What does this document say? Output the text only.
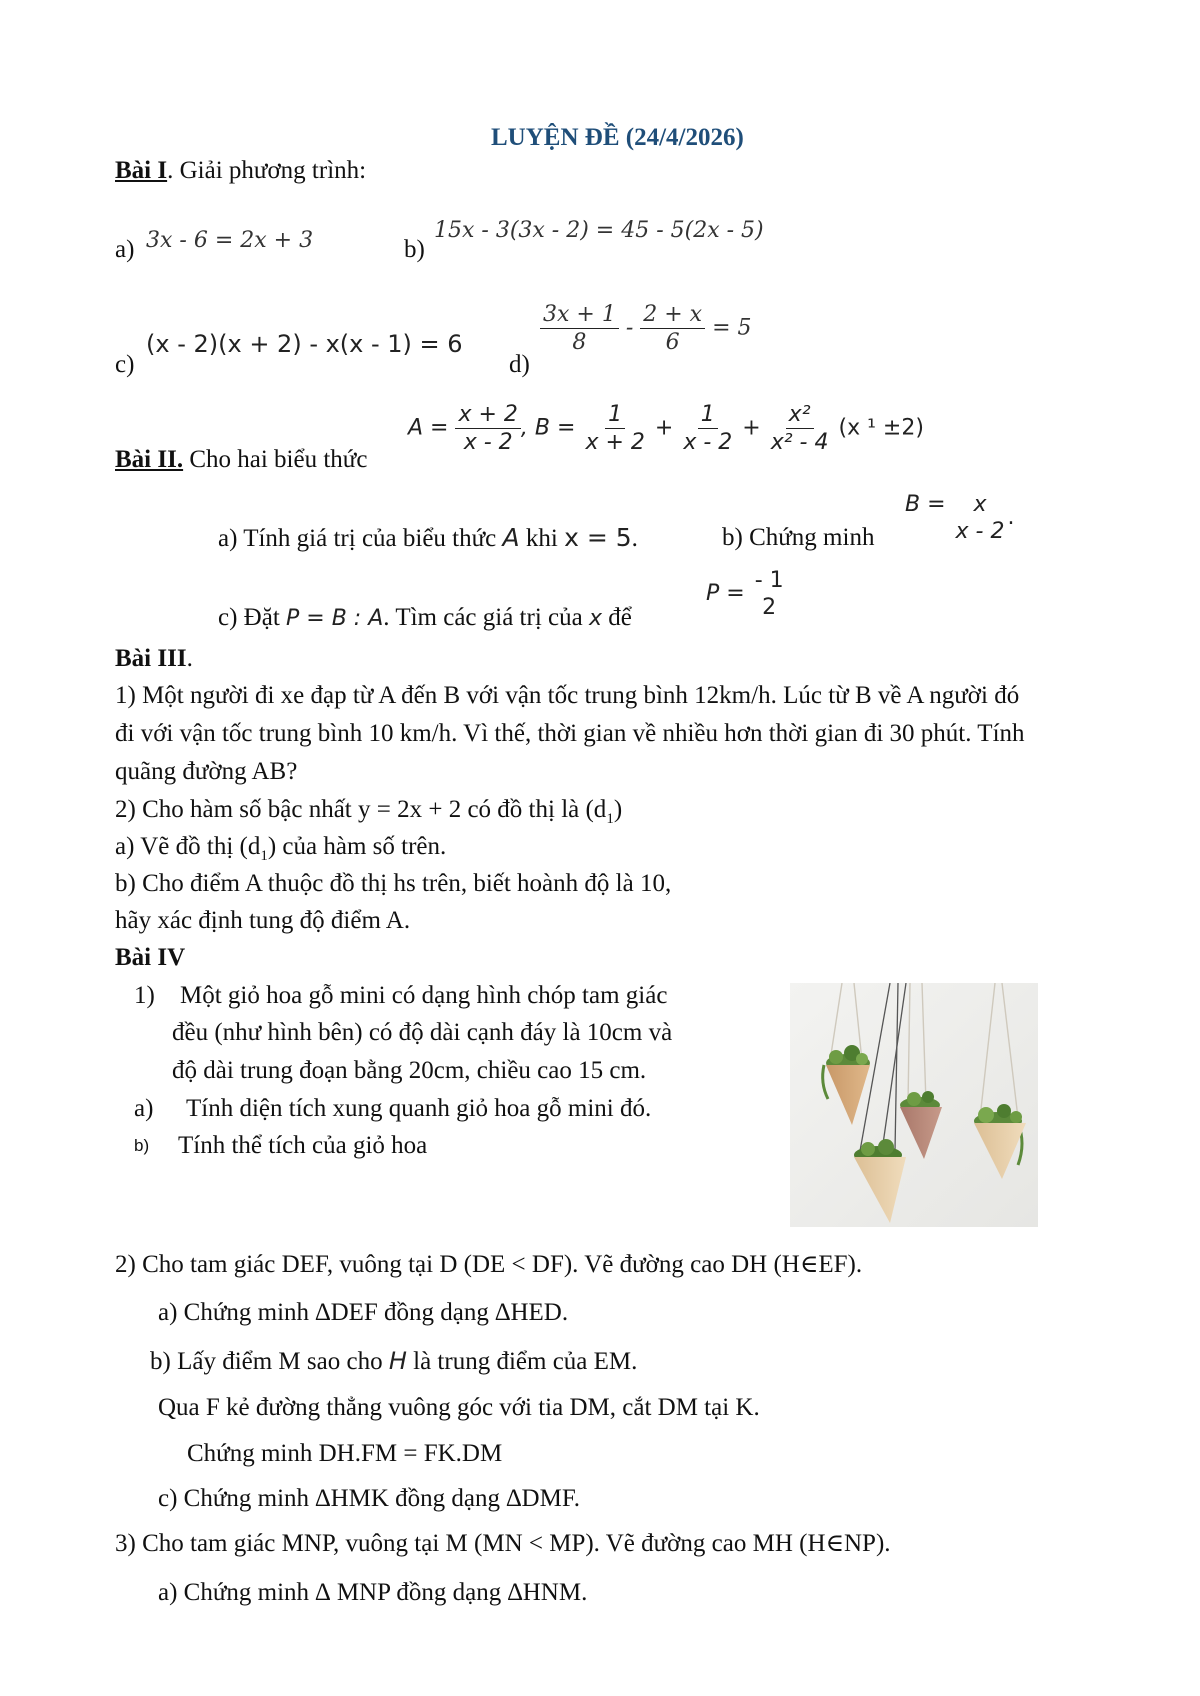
LUYỆN ĐỀ (24/4/2026)
Bài I. Giải phương trình:
a) 3x - 6 = 2x + 3	b)
15x - 3(3x - 2) = 45 - 5(2x - 5)
c)
(x - 2)(x + 2) - x(x - 1) = 6
d)
$\frac{3x + 1}{8} - \frac{2 + x}{6} = 5$
Bài II. Cho hai biểu thức
$A = \frac{x + 2}{x - 2}$ , $B = \frac{1}{x + 2} + \frac{1}{x - 2} + \frac{\text{x²}}{\text{x² - 4}} (x$ ¹ ±2)
a) Tính giá trị của biểu thức A khi x = 5.	b) Chứng minh
B = x
x - 2
.
c) Đặt P = B : A. Tìm các giá trị của x để
P =
- 1
2
Bài III.
1) Một người đi xe đạp từ A đến B với vận tốc trung bình 12km/h. Lúc từ B về A người đó
đi với vận tốc trung bình 10 km/h. Vì thế, thời gian về nhiều hơn thời gian đi 30 phút. Tính
quãng đường AB?
2) Cho hàm số bậc nhất y = 2x + 2 có đồ thị là $(d_1)$
a) Vẽ đồ thị $(d_1)$ của hàm số trên.
b) Cho điểm A thuộc đồ thị hs trên, biết hoành độ là 10,
hãy xác định tung độ điểm A.
Bài IV
1) Một giỏ hoa gỗ mini có dạng hình chóp tam giác
đều (như hình bên) có độ dài cạnh đáy là 10cm và
độ dài trung đoạn bằng 20cm, chiều cao 15 cm.
a) Tính diện tích xung quanh giỏ hoa gỗ mini đó.
b) Tính thể tích của giỏ hoa
2) Cho tam giác DEF, vuông tại D (DE < DF). Vẽ đường cao DH (H∈EF).
a) Chứng minh ∆DEF đồng dạng ∆HED.
b) Lấy điểm M sao cho H là trung điểm của EM.
Qua F kẻ đường thẳng vuông góc với tia DM, cắt DM tại K.
Chứng minh DH.FM = FK.DM
c) Chứng minh ∆HMK đồng dạng ∆DMF.
3) Cho tam giác MNP, vuông tại M (MN < MP). Vẽ đường cao MH (H∈NP).
a) Chứng minh ∆ MNP đồng dạng ∆HNM.
